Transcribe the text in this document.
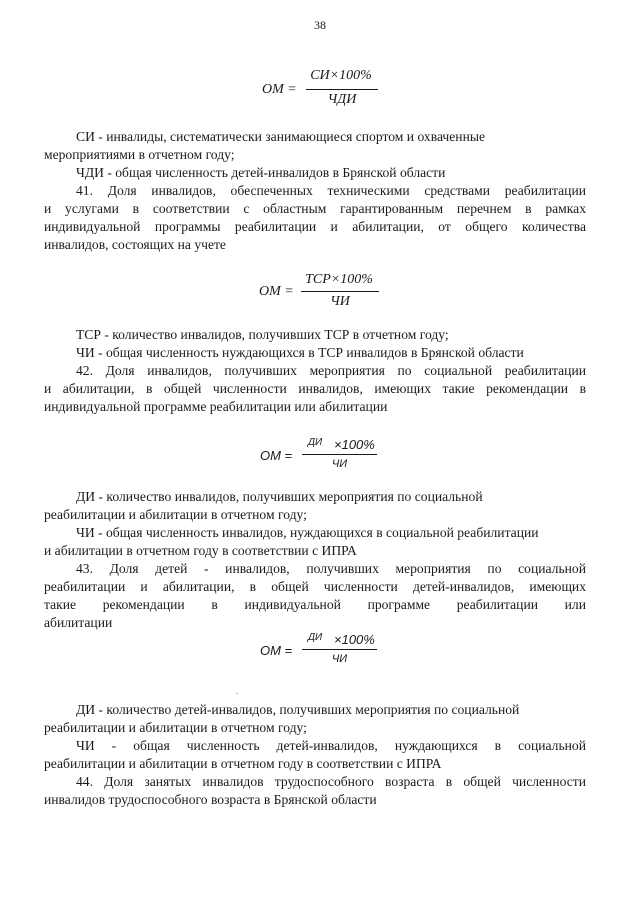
38
ОМ =
СИ×100%
ЧДИ
СИ - инвалиды, систематически занимающиеся спортом и охваченные
мероприятиями в отчетном году;
ЧДИ - общая численность детей-инвалидов в Брянской области
41. Доля инвалидов, обеспеченных техническими средствами реабилитации
и услугами в соответствии с областным гарантированным перечнем в рамках
индивидуальной программы реабилитации и абилитации, от общего количества
инвалидов, состоящих на учете
ОМ =
ТСР×100%
ЧИ
ТСР - количество инвалидов, получивших ТСР в отчетном году;
ЧИ - общая численность нуждающихся в ТСР инвалидов в Брянской области
42. Доля инвалидов, получивших мероприятия по социальной реабилитации
и абилитации, в общей численности инвалидов, имеющих такие рекомендации в
индивидуальной программе реабилитации или абилитации
ОМ =
ДИ ×100%
ЧИ
ДИ - количество инвалидов, получивших мероприятия по социальной
реабилитации и абилитации в отчетном году;
ЧИ - общая численность инвалидов, нуждающихся в социальной реабилитации
и абилитации в отчетном году в соответствии с ИПРА
43. Доля детей - инвалидов, получивших мероприятия по социальной
реабилитации и абилитации, в общей численности детей-инвалидов, имеющих
такие рекомендации в индивидуальной программе реабилитации или
абилитации
ОМ =
ДИ ×100%
ЧИ
ДИ - количество детей-инвалидов, получивших мероприятия по социальной
реабилитации и абилитации в отчетном году;
ЧИ - общая численность детей-инвалидов, нуждающихся в социальной
реабилитации и абилитации в отчетном году в соответствии с ИПРА
44. Доля занятых инвалидов трудоспособного возраста в общей численности
инвалидов трудоспособного возраста в Брянской области
